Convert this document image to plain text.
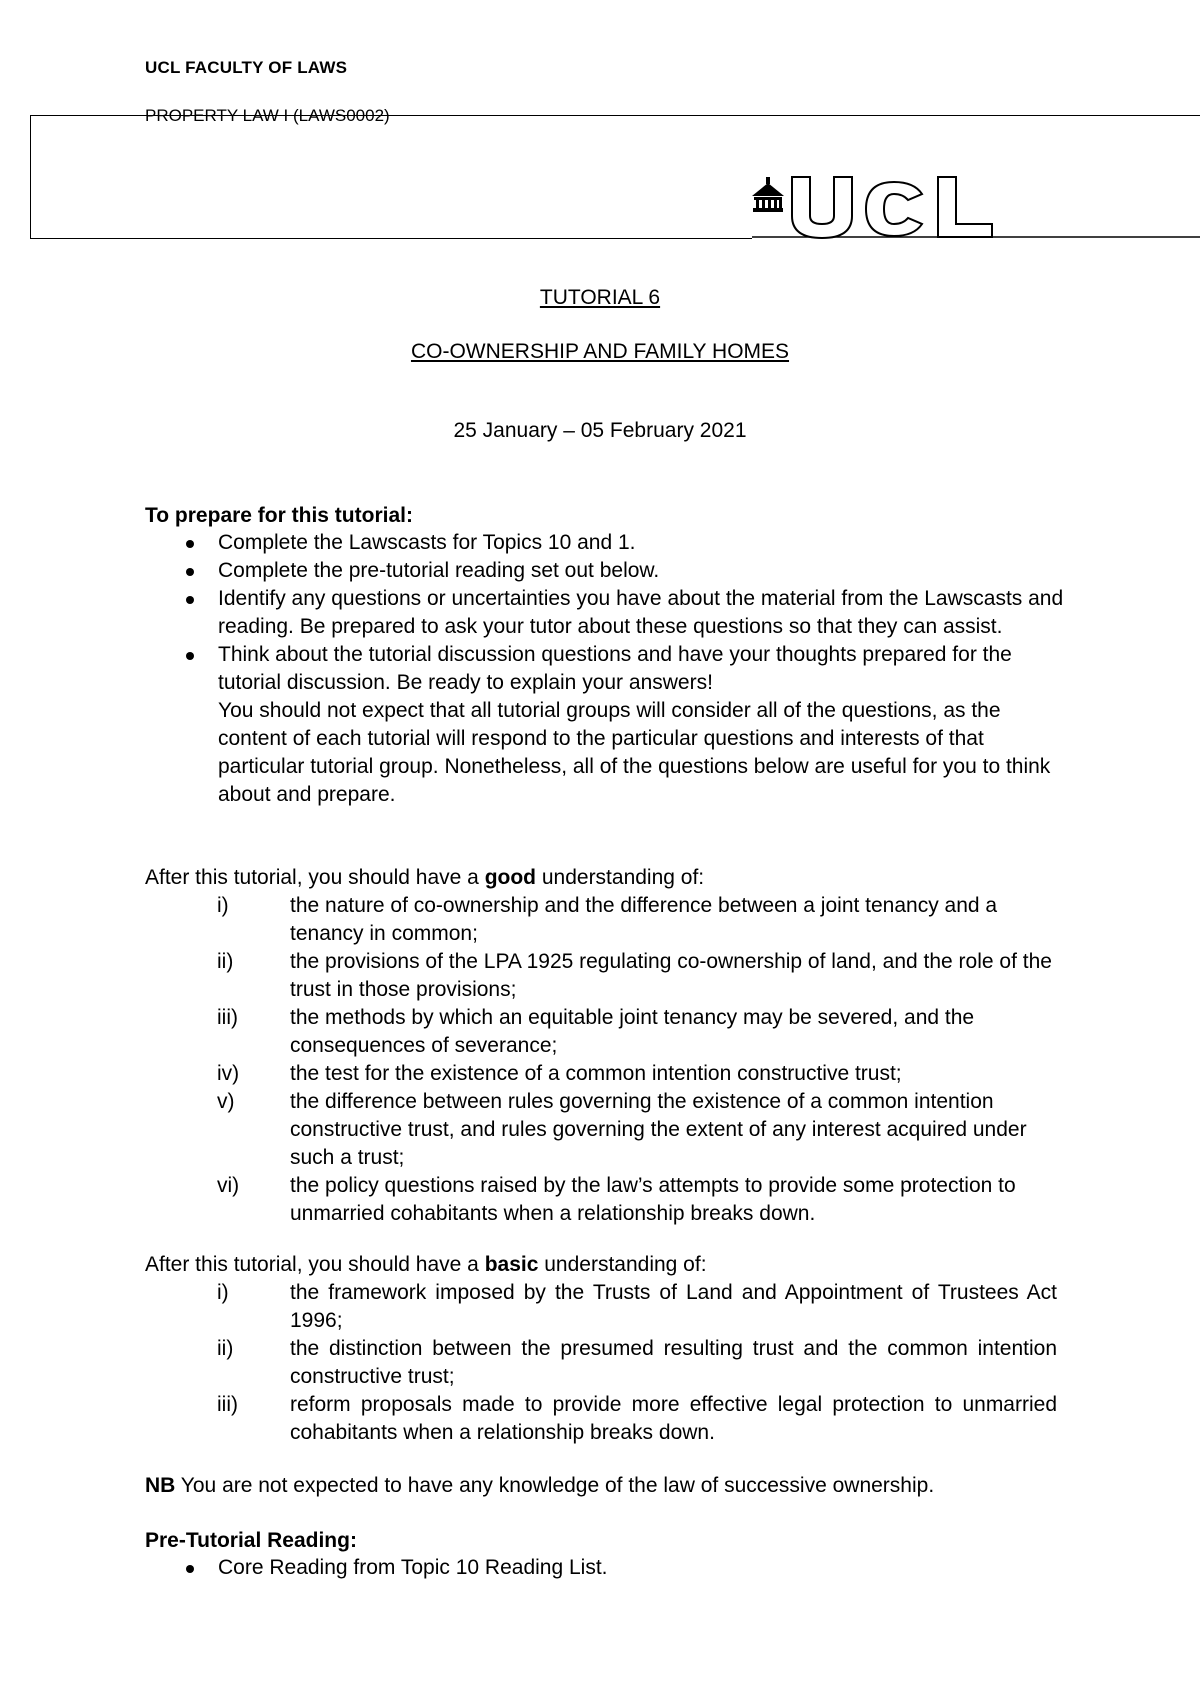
UCL FACULTY OF LAWS
PROPERTY LAW I (LAWS0002)
TUTORIAL 6
CO-OWNERSHIP AND FAMILY HOMES
25 January – 05 February 2021
To prepare for this tutorial:
Complete the Lawscasts for Topics 10 and 1.
Complete the pre-tutorial reading set out below.
Identify any questions or uncertainties you have about the material from the Lawscasts and reading. Be prepared to ask your tutor about these questions so that they can assist.
Think about the tutorial discussion questions and have your thoughts prepared for the tutorial discussion. Be ready to explain your answers!
You should not expect that all tutorial groups will consider all of the questions, as the content of each tutorial will respond to the particular questions and interests of that particular tutorial group. Nonetheless, all of the questions below are useful for you to think about and prepare.
After this tutorial, you should have a good understanding of:
i)	the nature of co-ownership and the difference between a joint tenancy and a tenancy in common;
ii)	the provisions of the LPA 1925 regulating co-ownership of land, and the role of the trust in those provisions;
iii) the methods by which an equitable joint tenancy may be severed, and the consequences of severance;
iv) the test for the existence of a common intention constructive trust;
v)	the difference between rules governing the existence of a common intention constructive trust, and rules governing the extent of any interest acquired under such a trust;
vi) the policy questions raised by the law’s attempts to provide some protection to unmarried cohabitants when a relationship breaks down.
After this tutorial, you should have a basic understanding of:
i)	the framework imposed by the Trusts of Land and Appointment of Trustees Act 1996;
ii)	the distinction between the presumed resulting trust and the common intention constructive trust;
iii) reform proposals made to provide more effective legal protection to unmarried cohabitants when a relationship breaks down.
NB You are not expected to have any knowledge of the law of successive ownership.
Pre-Tutorial Reading:
Core Reading from Topic 10 Reading List.
